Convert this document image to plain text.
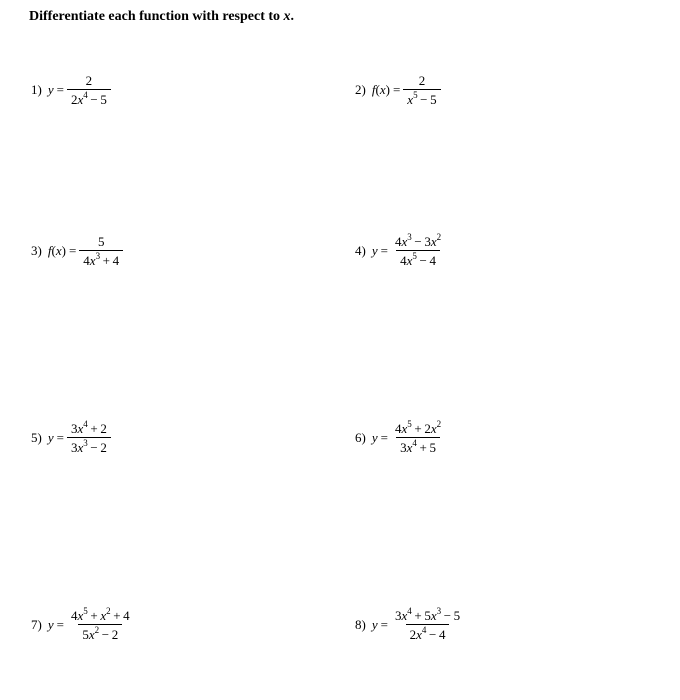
Differentiate each function with respect to x.
1) $y = \frac{2}{2x^4 - 5}$	2) $f(x) = \frac{2}{x^5 - 5}$
3) $f(x) = \frac{5}{4x^3 + 4}$	4) $y = \frac{4x^3 - 3x^2}{4x^5 - 4}$
5) $y = \frac{3x^4 + 2}{3x^3 - 2}$	6) $y = \frac{4x^5 + 2x^2}{3x^4 + 5}$
7) $y = \frac{4x^5 + x^2 + 4}{5x^2 - 2}$	8) $y = \frac{3x^4 + 5x^3 - 5}{2x^4 - 4}$
